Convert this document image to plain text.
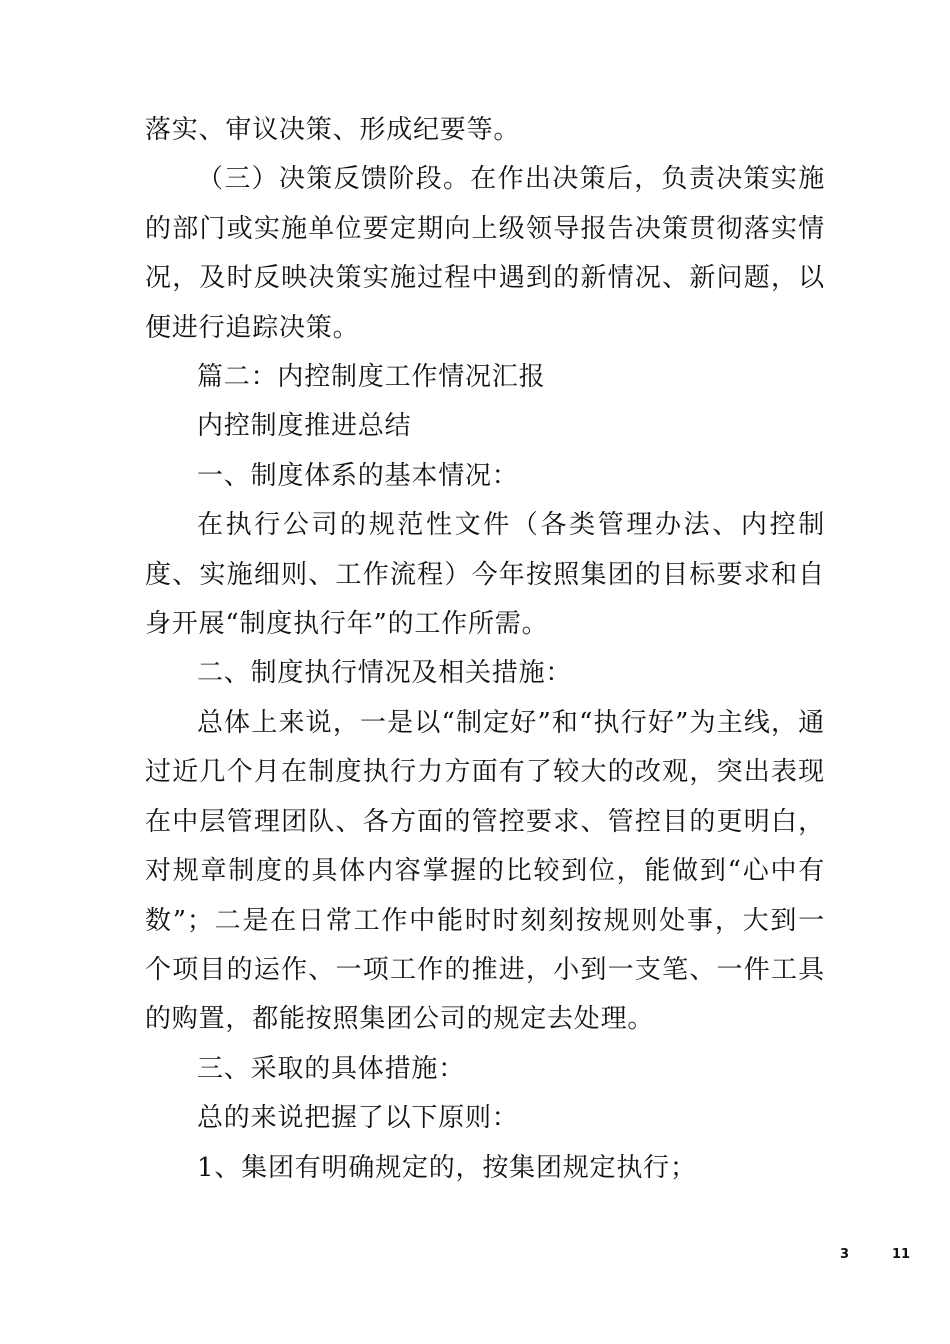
落实、审议决策、形成纪要等。

（三）决策反馈阶段。在作出决策后，负责决策实施的部门或实施单位要定期向上级领导报告决策贯彻落实情况，及时反映决策实施过程中遇到的新情况、新问题，以便进行追踪决策。

篇二：内控制度工作情况汇报

内控制度推进总结

一、制度体系的基本情况：

在执行公司的规范性文件（各类管理办法、内控制度、实施细则、工作流程）今年按照集团的目标要求和自身开展“制度执行年”的工作所需。

二、制度执行情况及相关措施：

总体上来说，一是以“制定好”和“执行好”为主线，通过近几个月在制度执行力方面有了较大的改观，突出表现在中层管理团队、各方面的管控要求、管控目的更明白，对规章制度的具体内容掌握的比较到位，能做到“心中有数”；二是在日常工作中能时时刻刻按规则处事，大到一个项目的运作、一项工作的推进，小到一支笔、一件工具的购置，都能按照集团公司的规定去处理。

三、采取的具体措施：

总的来说把握了以下原则：

1、集团有明确规定的，按集团规定执行；

3	11
